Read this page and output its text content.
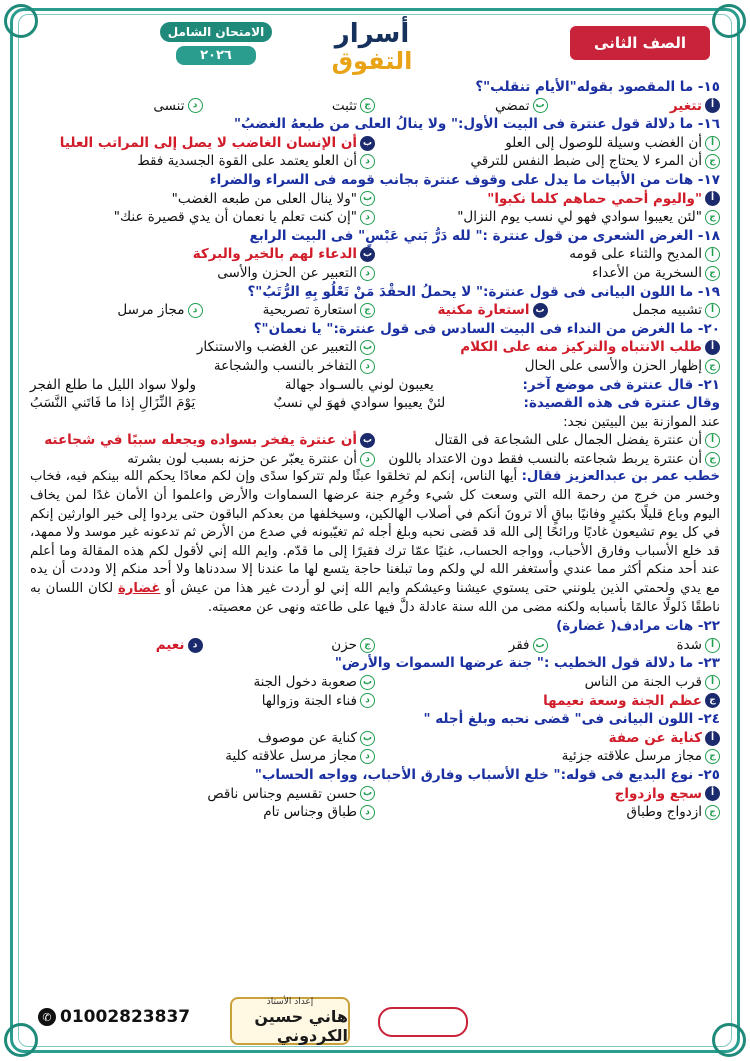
الصف الثانى
أسرار
التفوق
الامتحان الشامل
٢٠٢٦
١٥- ما المقصود بقوله"الأيام تنقلب"؟
أ
تتغير
ب
تمضي
ج
تثبت
د
تنسى
١٦- ما دلالة قول عنترة فى البيت الأول:" ولا ينالُ العلى من طبعهُ الغضبُ"
أ
أن الغضب وسيلة للوصول إلى العلو
ب
أن الإنسان الغاضب لا يصل إلى المراتب العليا
ج
أن المرء لا يحتاج إلى ضبط النفس للترقي
د
أن العلو يعتمد على القوة الجسدية فقط
١٧- هات من الأبيات ما يدل على وقوف عنترة بجانب قومه فى السراء والضراء
أ
"واليوم أحمي حماهم كلما نكبوا"
ب
"ولا ينال العلى من طبعه الغضب"
ج
"لئن يعيبوا سوادي فهو لي نسب يوم النزال"
د
"إن كنت تعلم يا نعمان أن يدي قصيرة عنك"
١٨- الغرض الشعرى من قول عنترة :" لله دَرُّ بَني عَبْسٍ" فى البيت الرابع
أ
المديح والثناء على قومه
ب
الدعاء لهم بالخير والبركة
ج
السخرية من الأعداء
د
التعبير عن الحزن والأسى
١٩- ما اللون البيانى فى قول عنترة:" لا يحملُ الحقْدَ مَنْ تَعْلُو بِهِ الرُّتَبُ"؟
أ
تشبيه مجمل
ب
استعارة مكنية
ج
استعارة تصريحية
د
مجاز مرسل
٢٠- ما الغرض من النداء فى البيت السادس فى قول عنترة:" يا نعمان"؟
أ
طلب الانتباه والتركيز منه على الكلام
ب
التعبير عن الغضب والاستنكار
ج
إظهار الحزن والأسى على الحال
د
التفاخر بالنسب والشجاعة
٢١- قال عنترة فى موضع آخر:
يعيبون لوني بالسـواد جهالة
ولولا سواد الليل ما طلع الفجر
وقال عنترة فى هذه القصيدة:
لئنْ يعيبوا سوادي فهوَ لي نسبٌ
يَوْمَ النِّزَالِ إذا ما فَاتَني النَّسَبُ
عند الموازنة بين البيتين نجد:
أ
أن عنترة يفضل الجمال على الشجاعة فى القتال
ب
أن عنترة يفخر بسواده ويجعله سببًا في شجاعته
ج
أن عنترة يربط شجاعته بالنسب فقط دون الاعتداد باللون
د
أن عنترة يعبّر عن حزنه بسبب لون بشرته
خطب عمر بن عبدالعزيز فقال: أيها الناس، إنكم لم تخلقوا عبثًا ولم تتركوا سدًى وإن لكم معادًا يحكم الله بينكم فيه، فخاب وخسر من خرج من رحمة الله التي وسعت كل شيء وحُرِم جنة عرضها السماوات والأرض واعلموا أن الأمان غدًا لمن يخاف اليوم وباع قليلًا بكثيرٍ وفانيًا بباقٍ ألا ترونَ أنكم في أصلاب الهالكين، وسيخلفها من بعدكم الباقون حتى يردوا إلى خير الوارثين إنكم في كل يوم تشيعون غاديًا ورائحًا إلى الله قد قضى نحبه وبلغ أجله ثم تغيّبونه في صدع من الأرض ثم تدعونه غير موسد ولا ممهد، قد خلع الأسباب وفارق الأحباب، وواجه الحساب، غنيًا عمّا ترك فقيرًا إلى ما قدّم. وايم الله إني لأقول لكم هذه المقالة وما أعلم عند أحد منكم أكثر مما عندي وأستغفر الله لي ولكم وما تبلغنا حاجة يتسع لها ما عندنا إلا سددناها ولا أحد منكم إلا وددت أن يده مع يدي ولحمتي الذين يلونني حتى يستوي عيشنا وعيشكم وايم الله إني لو أردت غير هذا من عيش أو غضارة لكان اللسان به ناطقًا ذَلولًا عالمًا بأسبابه ولكنه مضى من الله سنة عادلة دلَّ فيها على طاعته ونهى عن معصيته.
٢٢- هات مرادف( غضارة)
أ
شدة
ب
فقر
ج
حزن
د
نعيم
٢٣- ما دلالة قول الخطيب :" جنة عرضها السموات والأرض"
أ
قرب الجنة من الناس
ب
صعوبة دخول الجنة
ج
عظم الجنة وسعة نعيمها
د
فناء الجنة وزوالها
٢٤- اللون البيانى فى" قضى نحبه وبلغ أجله "
أ
كناية عن صفة
ب
كناية عن موصوف
ج
مجاز مرسل علاقته جزئية
د
مجاز مرسل علاقته كلية
٢٥- نوع البديع فى قوله:" خلع الأسباب وفارق الأحباب، وواجه الحساب"
أ
سجع وازدواج
ب
حسن تقسيم وجناس ناقص
ج
ازدواج وطباق
د
طباق وجناس تام
إعداد الأستاذ
هاني حسين الكردوني
✆ 01002823837
